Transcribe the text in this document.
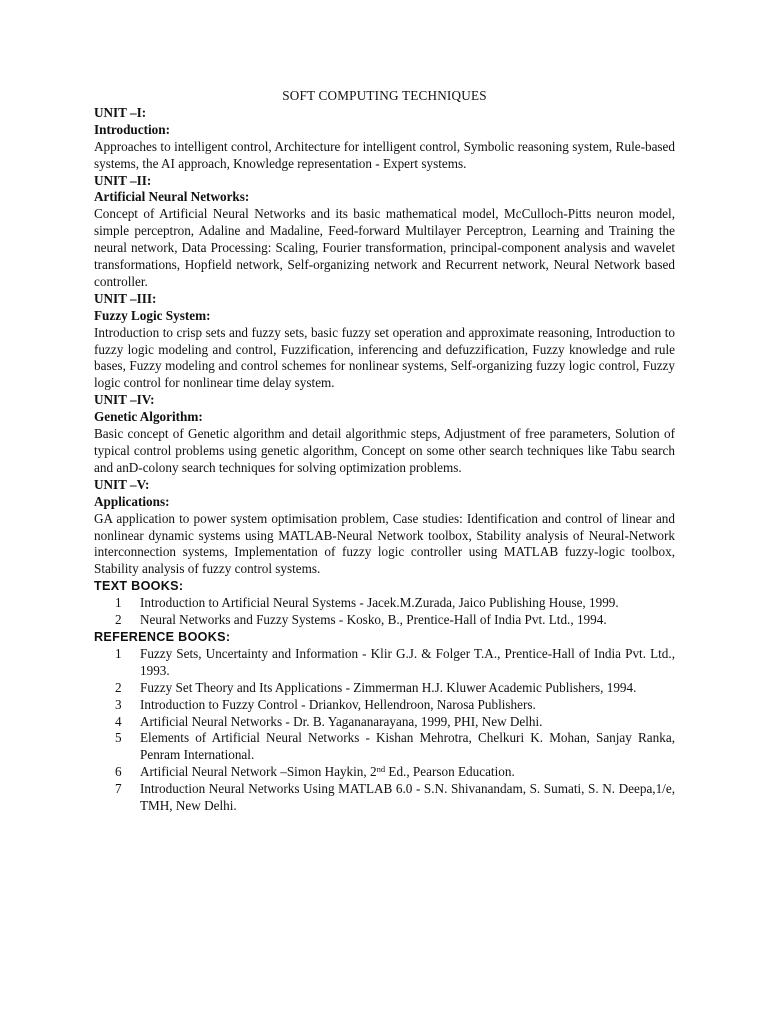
SOFT COMPUTING TECHNIQUES
UNIT –I:
Introduction:
Approaches to intelligent control, Architecture for intelligent control, Symbolic reasoning system, Rule-based systems, the AI approach, Knowledge representation - Expert systems.
UNIT –II:
Artificial Neural Networks:
Concept of Artificial Neural Networks and its basic mathematical model, McCulloch-Pitts neuron model, simple perceptron, Adaline and Madaline, Feed-forward Multilayer Perceptron, Learning and Training the neural network, Data Processing: Scaling, Fourier transformation, principal-component analysis and wavelet transformations, Hopfield network, Self-organizing network and Recurrent network, Neural Network based controller.
UNIT –III:
Fuzzy Logic System:
Introduction to crisp sets and fuzzy sets, basic fuzzy set operation and approximate reasoning, Introduction to fuzzy logic modeling and control, Fuzzification, inferencing and defuzzification, Fuzzy knowledge and rule bases, Fuzzy modeling and control schemes for nonlinear systems, Self-organizing fuzzy logic control, Fuzzy logic control for nonlinear time delay system.
UNIT –IV:
Genetic Algorithm:
Basic concept of Genetic algorithm and detail algorithmic steps, Adjustment of free parameters, Solution of typical control problems using genetic algorithm, Concept on some other search techniques like Tabu search and anD-colony search techniques for solving optimization problems.
UNIT –V:
Applications:
GA application to power system optimisation problem, Case studies: Identification and control of linear and nonlinear dynamic systems using MATLAB-Neural Network toolbox, Stability analysis of Neural-Network interconnection systems, Implementation of fuzzy logic controller using MATLAB fuzzy-logic toolbox, Stability analysis of fuzzy control systems.
TEXT BOOKS:
1	Introduction to Artificial Neural Systems - Jacek.M.Zurada, Jaico Publishing House, 1999.
2	Neural Networks and Fuzzy Systems - Kosko, B., Prentice-Hall of India Pvt. Ltd., 1994.
REFERENCE BOOKS:
1	Fuzzy Sets, Uncertainty and Information - Klir G.J. & Folger T.A., Prentice-Hall of India Pvt. Ltd., 1993.
2	Fuzzy Set Theory and Its Applications - Zimmerman H.J. Kluwer Academic Publishers, 1994.
3	Introduction to Fuzzy Control - Driankov, Hellendroon, Narosa Publishers.
4	Artificial Neural Networks - Dr. B. Yagananarayana, 1999, PHI, New Delhi.
5	Elements of Artificial Neural Networks - Kishan Mehrotra, Chelkuri K. Mohan, Sanjay Ranka, Penram International.
6	Artificial Neural Network –Simon Haykin, 2nd Ed., Pearson Education.
7	Introduction Neural Networks Using MATLAB 6.0 - S.N. Shivanandam, S. Sumati, S. N. Deepa,1/e, TMH, New Delhi.
